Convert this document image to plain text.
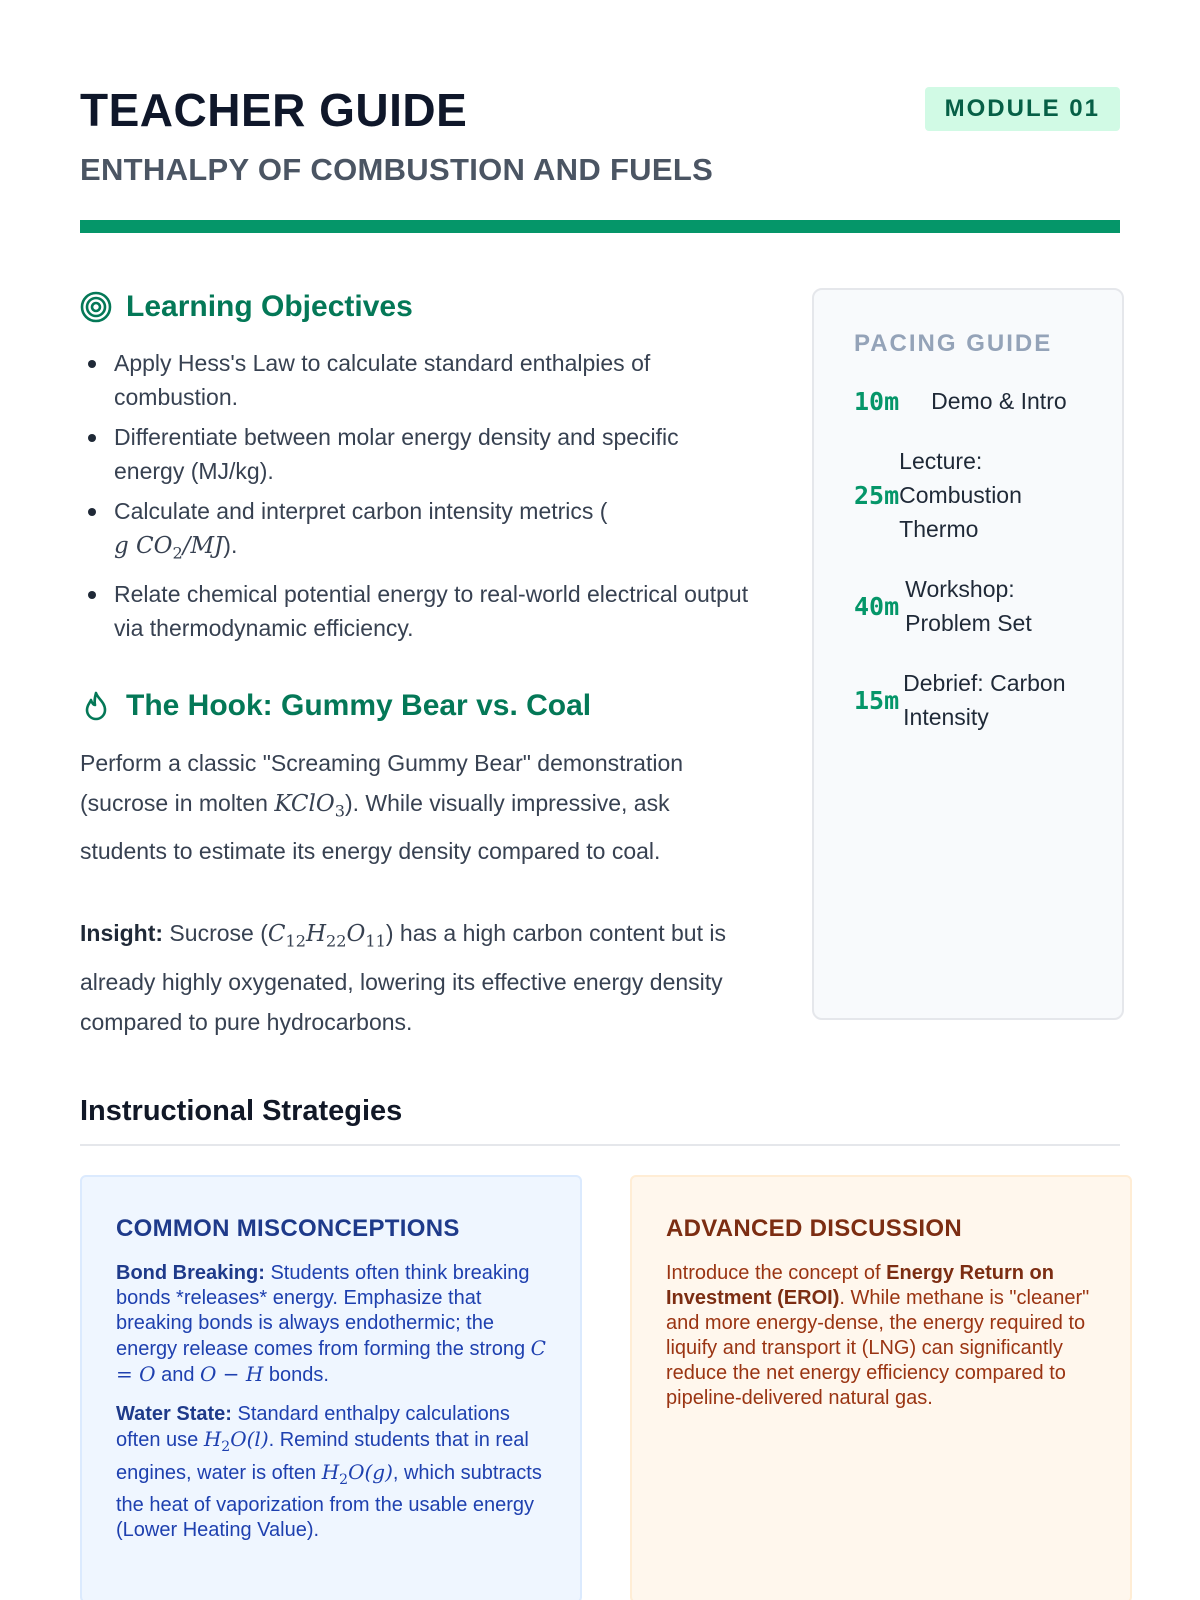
TEACHER GUIDE
ENTHALPY OF COMBUSTION AND FUELS
MODULE 01
Learning Objectives
Apply Hess's Law to calculate standard enthalpies of combustion.
Differentiate between molar energy density and specific energy (MJ/kg).
Calculate and interpret carbon intensity metrics (
g $CO_2/MJ$).
Relate chemical potential energy to real-world electrical output via thermodynamic efficiency.
The Hook: Gummy Bear vs. Coal

Perform a classic "Screaming Gummy Bear" demonstration (sucrose in molten KClO$_3$). While visually impressive, ask students to estimate its energy density compared to coal.

Insight: Sucrose $(C_{12}H_{22}O_{11})$ has a high carbon content but is already highly oxygenated, lowering its effective energy density compared to pure hydrocarbons.

PACING GUIDE
10m Demo & Intro
25m
Lecture: Combustion Thermo
40m
Workshop: Problem Set
15m
Debrief: Carbon Intensity
Instructional Strategies
COMMON MISCONCEPTIONS

Bond Breaking: Students often think breaking bonds *releases* energy. Emphasize that breaking bonds is always endothermic; the energy release comes from forming the strong C = O and O − H bonds.

Water State: Standard enthalpy calculations often use $H_2O(l)$. Remind students that in real engines, water is often $H_2O(g)$, which subtracts the heat of vaporization from the usable energy (Lower Heating Value).

ADVANCED DISCUSSION

Introduce the concept of Energy Return on Investment (EROI). While methane is "cleaner" and more energy-dense, the energy required to liquify and transport it (LNG) can significantly reduce the net energy efficiency compared to pipeline-delivered natural gas.
